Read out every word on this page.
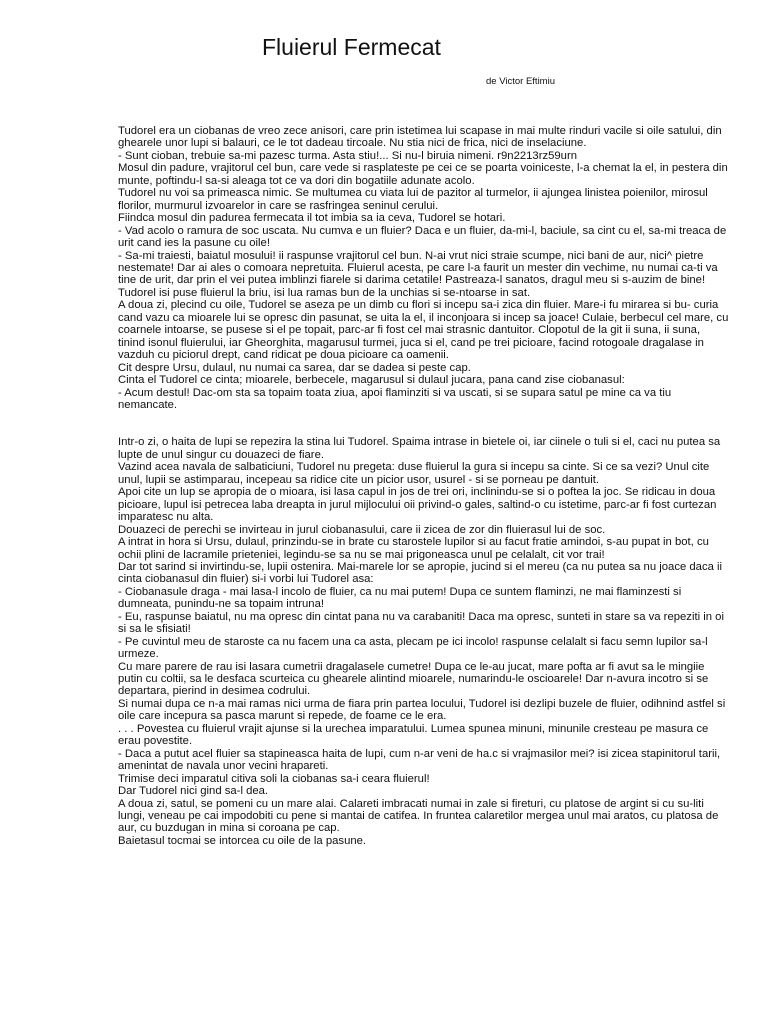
Fluierul Fermecat
de Victor Eftimiu

Tudorel era un ciobanas de vreo zece anisori, care prin istetimea lui scapase in mai multe rinduri vacile si oile satului, din ghearele unor lupi si balauri, ce le tot dadeau tircoale. Nu stia nici de frica, nici de inselaciune.

- Sunt cioban, trebuie sa-mi pazesc turma. Asta stiu!... Si nu-l biruia nimeni. r9n2213rz59urn

Mosul din padure, vrajitorul cel bun, care vede si rasplateste pe cei ce se poarta voiniceste, l-a chemat la el, in pestera din munte, poftindu-l sa-si aleaga tot ce va dori din bogatiile adunate acolo.

Tudorel nu voi sa primeasca nimic. Se multumea cu viata lui de pazitor al turmelor, ii ajungea linistea poienilor, mirosul florilor, murmurul izvoarelor in care se rasfringea seninul cerului.

Fiindca mosul din padurea fermecata il tot imbia sa ia ceva, Tudorel se hotari.

- Vad acolo o ramura de soc uscata. Nu cumva e un fluier? Daca e un fluier, da-mi-l, baciule, sa cint cu el, sa-mi treaca de urit cand ies la pasune cu oile!

- Sa-mi traiesti, baiatul mosului! ii raspunse vrajitorul cel bun. N-ai vrut nici straie scumpe, nici bani de aur, nici^ pietre nestemate! Dar ai ales o comoara nepretuita. Fluierul acesta, pe care l-a faurit un mester din vechime, nu numai ca-ti va tine de urit, dar prin el vei putea imblinzi fiarele si darima cetatile! Pastreaza-l sanatos, dragul meu si s-auzim de bine!

Tudorel isi puse fluierul la briu, isi lua ramas bun de la unchias si se-ntoarse in sat.

A doua zi, plecind cu oile, Tudorel se aseza pe un dimb cu flori si incepu sa-i zica din fluier. Mare-i fu mirarea si bu- curia cand vazu ca mioarele lui se opresc din pasunat, se uita la el, il inconjoara si incep sa joace! Culaie, berbecul cel mare, cu coarnele intoarse, se pusese si el pe topait, parc-ar fi fost cel mai strasnic dantuitor. Clopotul de la git ii suna, ii suna, tinind isonul fluierului, iar Gheorghita, magarusul turmei, juca si el, cand pe trei picioare, facind rotogoale dragalase in vazduh cu piciorul drept, cand ridicat pe doua picioare ca oamenii.

Cit despre Ursu, dulaul, nu numai ca sarea, dar se dadea si peste cap.

Cinta el Tudorel ce cinta; mioarele, berbecele, magarusul si dulaul jucara, pana cand zise ciobanasul:

- Acum destul! Dac-om sta sa topaim toata ziua, apoi flaminziti si va uscati, si se supara satul pe mine ca va tiu nemancate.

Intr-o zi, o haita de lupi se repezira la stina lui Tudorel. Spaima intrase in bietele oi, iar ciinele o tuli si el, caci nu putea sa lupte de unul singur cu douazeci de fiare.

Vazind acea navala de salbaticiuni, Tudorel nu pregeta: duse fluierul la gura si incepu sa cinte. Si ce sa vezi? Unul cite unul, lupii se astimparau, incepeau sa ridice cite un picior usor, usurel - si se porneau pe dantuit.

Apoi cite un lup se apropia de o mioara, isi lasa capul in jos de trei ori, inclinindu-se si o poftea la joc. Se ridicau in doua picioare, lupul isi petrecea laba dreapta in jurul mijlocului oii privind-o gales, saltind-o cu istetime, parc-ar fi fost curtezan imparatesc nu alta.

Douazeci de perechi se invirteau in jurul ciobanasului, care ii zicea de zor din fluierasul lui de soc.

A intrat in hora si Ursu, dulaul, prinzindu-se in brate cu starostele lupilor si au facut fratie amindoi, s-au pupat in bot, cu ochii plini de lacramile prieteniei, legindu-se sa nu se mai prigoneasca unul pe celalalt, cit vor trai!

Dar tot sarind si invirtindu-se, lupii ostenira. Mai-marele lor se apropie, jucind si el mereu (ca nu putea sa nu joace daca ii cinta ciobanasul din fluier) si-i vorbi lui Tudorel asa:

- Ciobanasule draga - mai lasa-l incolo de fluier, ca nu mai putem! Dupa ce suntem flaminzi, ne mai flaminzesti si dumneata, punindu-ne sa topaim intruna!

- Eu, raspunse baiatul, nu ma opresc din cintat pana nu va carabaniti! Daca ma opresc, sunteti in stare sa va repeziti in oi si sa le sfisiati!

- Pe cuvintul meu de staroste ca nu facem una ca asta, plecam pe ici incolo! raspunse celalalt si facu semn lupilor sa-l urmeze.

Cu mare parere de rau isi lasara cumetrii dragalasele cumetre! Dupa ce le-au jucat, mare pofta ar fi avut sa le mingiie putin cu coltii, sa le desfaca scurteica cu ghearele alintind mioarele, numarindu-le oscioarele! Dar n-avura incotro si se departara, pierind in desimea codrului.

Si numai dupa ce n-a mai ramas nici urma de fiara prin partea locului, Tudorel isi dezlipi buzele de fluier, odihnind astfel si oile care incepura sa pasca marunt si repede, de foame ce le era.

. . . Povestea cu fluierul vrajit ajunse si la urechea imparatului. Lumea spunea minuni, minunile cresteau pe masura ce erau povestite.

- Daca a putut acel fluier sa stapineasca haita de lupi, cum n-ar veni de ha.c si vrajmasilor mei? isi zicea stapinitorul tarii, amenintat de navala unor vecini hrapareti.

Trimise deci imparatul citiva soli la ciobanas sa-i ceara fluierul!

Dar Tudorel nici gind sa-l dea.

A doua zi, satul, se pomeni cu un mare alai. Calareti imbracati numai in zale si fireturi, cu platose de argint si cu su-liti lungi, veneau pe cai impodobiti cu pene si mantai de catifea. In fruntea calaretilor mergea unul mai aratos, cu platosa de aur, cu buzdugan in mina si coroana pe cap.

Baietasul tocmai se intorcea cu oile de la pasune.
